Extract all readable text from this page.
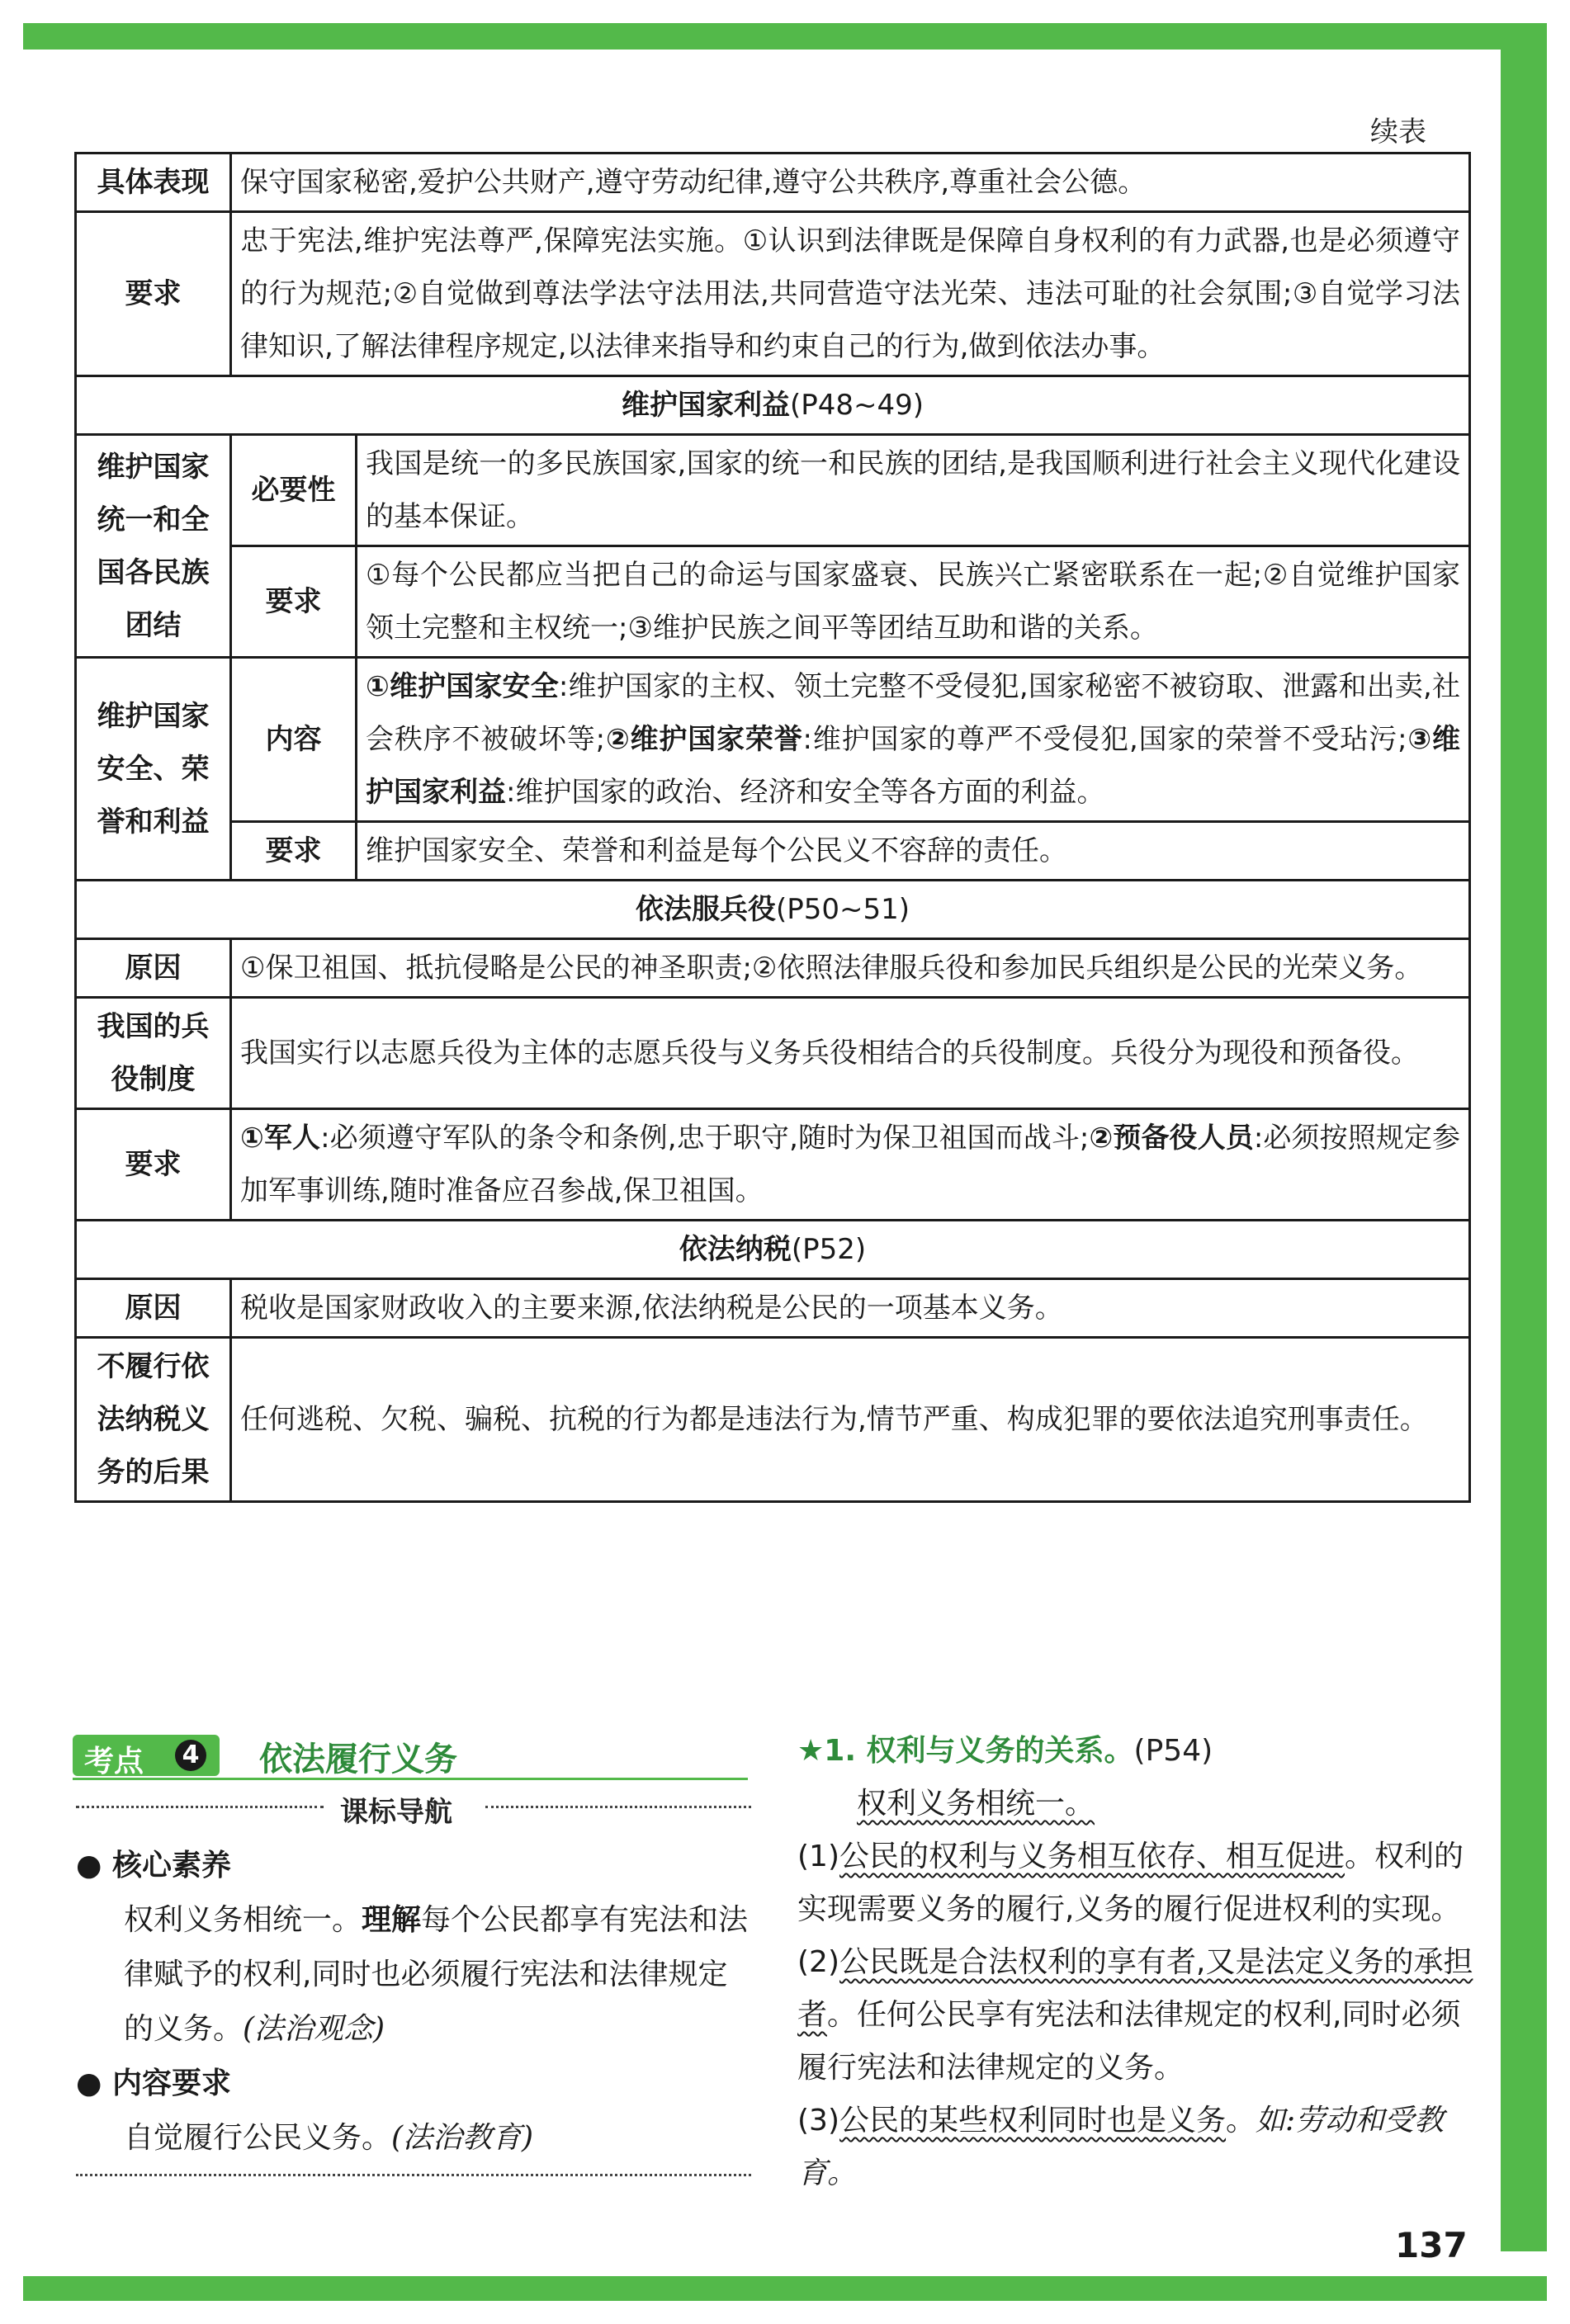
续表
具体表现	保守国家秘密,爱护公共财产,遵守劳动纪律,遵守公共秩序,尊重社会公德。	
要求	忠于宪法,维护宪法尊严,保障宪法实施。①认识到法律既是保障自身权利的有力武器,也是必须遵守的行为规范;②自觉做到尊法学法守法用法,共同营造守法光荣、违法可耻的社会氛围;③自觉学习法律知识,了解法律程序规定,以法律来指导和约束自己的行为,做到依法办事。	
维护国家利益(P48~49)		
维护国家统一和全国各民族团结	必要性	我国是统一的多民族国家,国家的统一和民族的团结,是我国顺利进行社会主义现代化建设的基本保证。
	要求	①每个公民都应当把自己的命运与国家盛衰、民族兴亡紧密联系在一起;②自觉维护国家领土完整和主权统一;③维护民族之间平等团结互助和谐的关系。
维护国家安全、荣誉和利益	内容	①维护国家安全:维护国家的主权、领土完整不受侵犯,国家秘密不被窃取、泄露和出卖,社会秩序不被破坏等;②维护国家荣誉:维护国家的尊严不受侵犯,国家的荣誉不受玷污;③维护国家利益:维护国家的政治、经济和安全等各方面的利益。
	要求	维护国家安全、荣誉和利益是每个公民义不容辞的责任。
依法服兵役(P50~51)		
原因	①保卫祖国、抵抗侵略是公民的神圣职责;②依照法律服兵役和参加民兵组织是公民的光荣义务。	
我国的兵役制度	我国实行以志愿兵役为主体的志愿兵役与义务兵役相结合的兵役制度。兵役分为现役和预备役。	
要求	①军人:必须遵守军队的条令和条例,忠于职守,随时为保卫祖国而战斗;②预备役人员:必须按照规定参加军事训练,随时准备应召参战,保卫祖国。	
依法纳税(P52)		
原因	税收是国家财政收入的主要来源,依法纳税是公民的一项基本义务。	
不履行依法纳税义务的后果	任何逃税、欠税、骗税、抗税的行为都是违法行为,情节严重、构成犯罪的要依法追究刑事责任。	
考点 4 依法履行义务
课标导航
● 核心素养
权利义务相统一。理解每个公民都享有宪法和法律赋予的权利,同时也必须履行宪法和法律规定的义务。(法治观念)
● 内容要求
自觉履行公民义务。(法治教育)
★1. 权利与义务的关系。(P54)
权利义务相统一。
(1)公民的权利与义务相互依存、相互促进。权利的实现需要义务的履行,义务的履行促进权利的实现。
(2)公民既是合法权利的享有者,又是法定义务的承担者。任何公民享有宪法和法律规定的权利,同时必须履行宪法和法律规定的义务。
(3)公民的某些权利同时也是义务。如:劳动和受教育。
137
